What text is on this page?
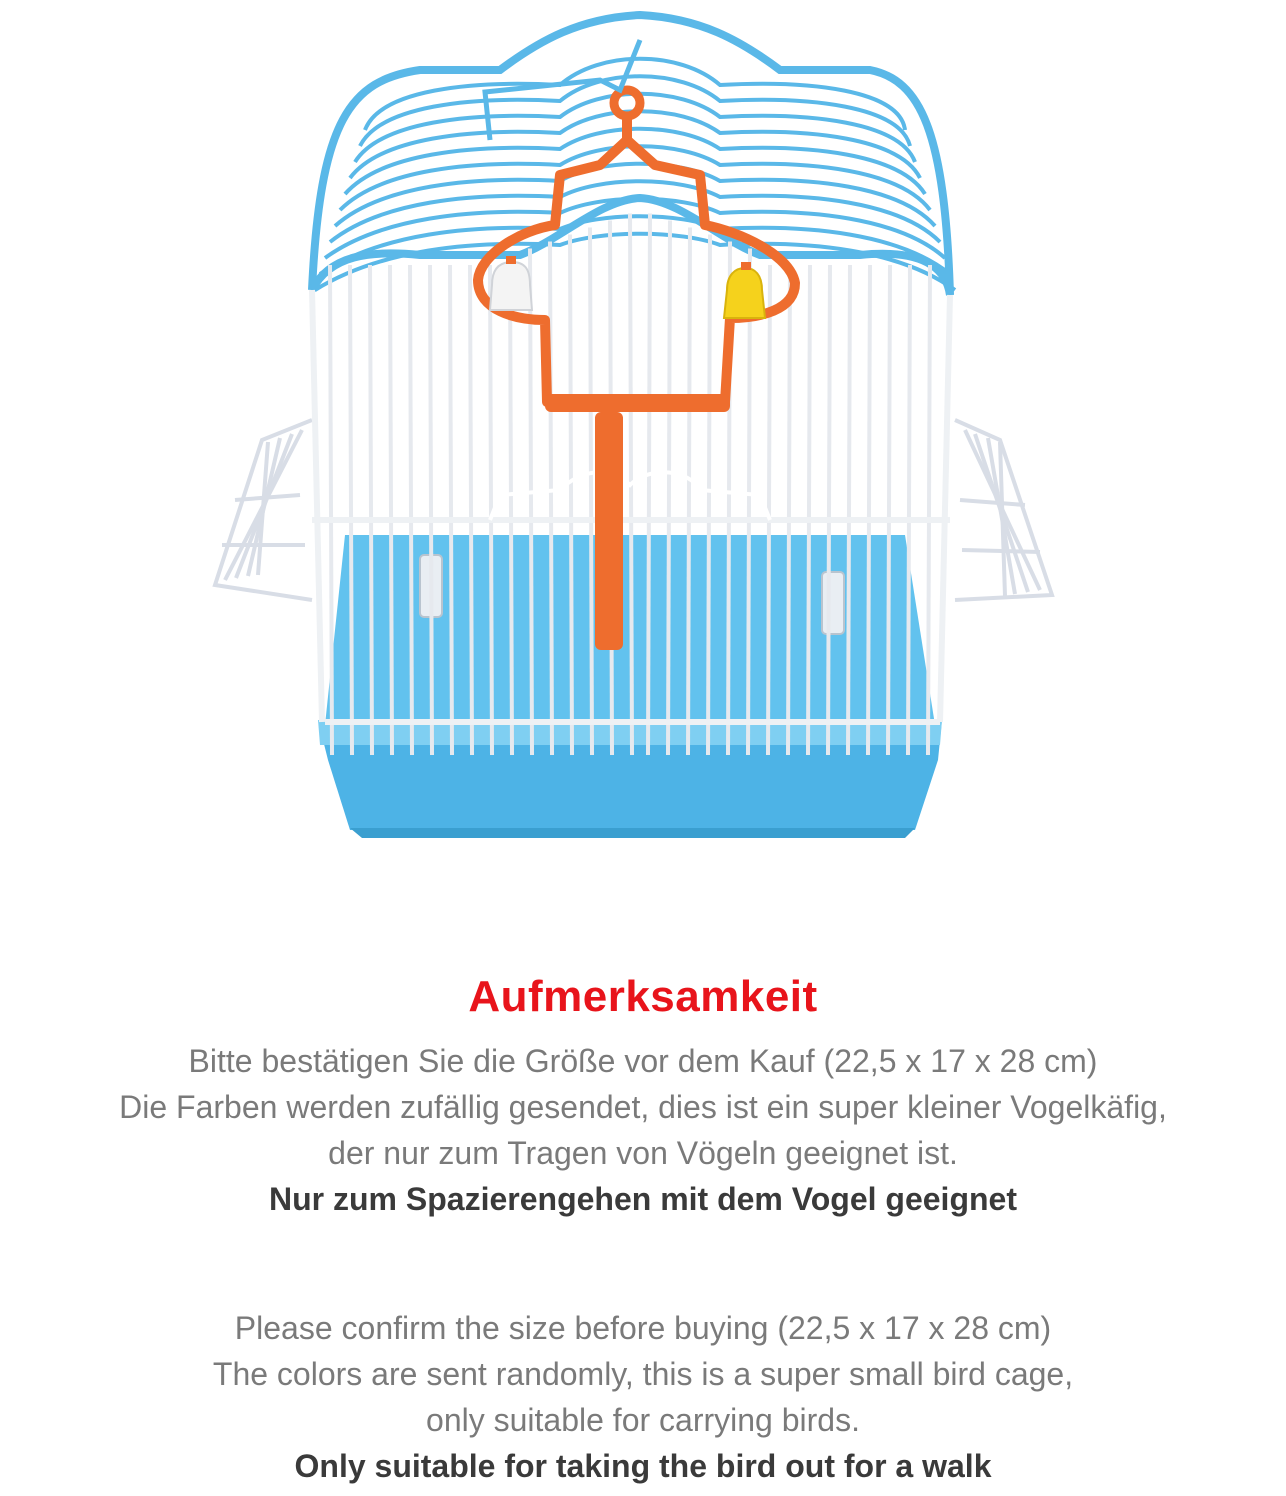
Aufmerksamkeit
Bitte bestätigen Sie die Größe vor dem Kauf (22,5 x 17 x 28 cm)
Die Farben werden zufällig gesendet, dies ist ein super kleiner Vogelkäfig,
der nur zum Tragen von Vögeln geeignet ist.
Nur zum Spazierengehen mit dem Vogel geeignet
Please confirm the size before buying (22,5 x 17 x 28 cm)
The colors are sent randomly, this is a super small bird cage,
only suitable for carrying birds.
Only suitable for taking the bird out for a walk
